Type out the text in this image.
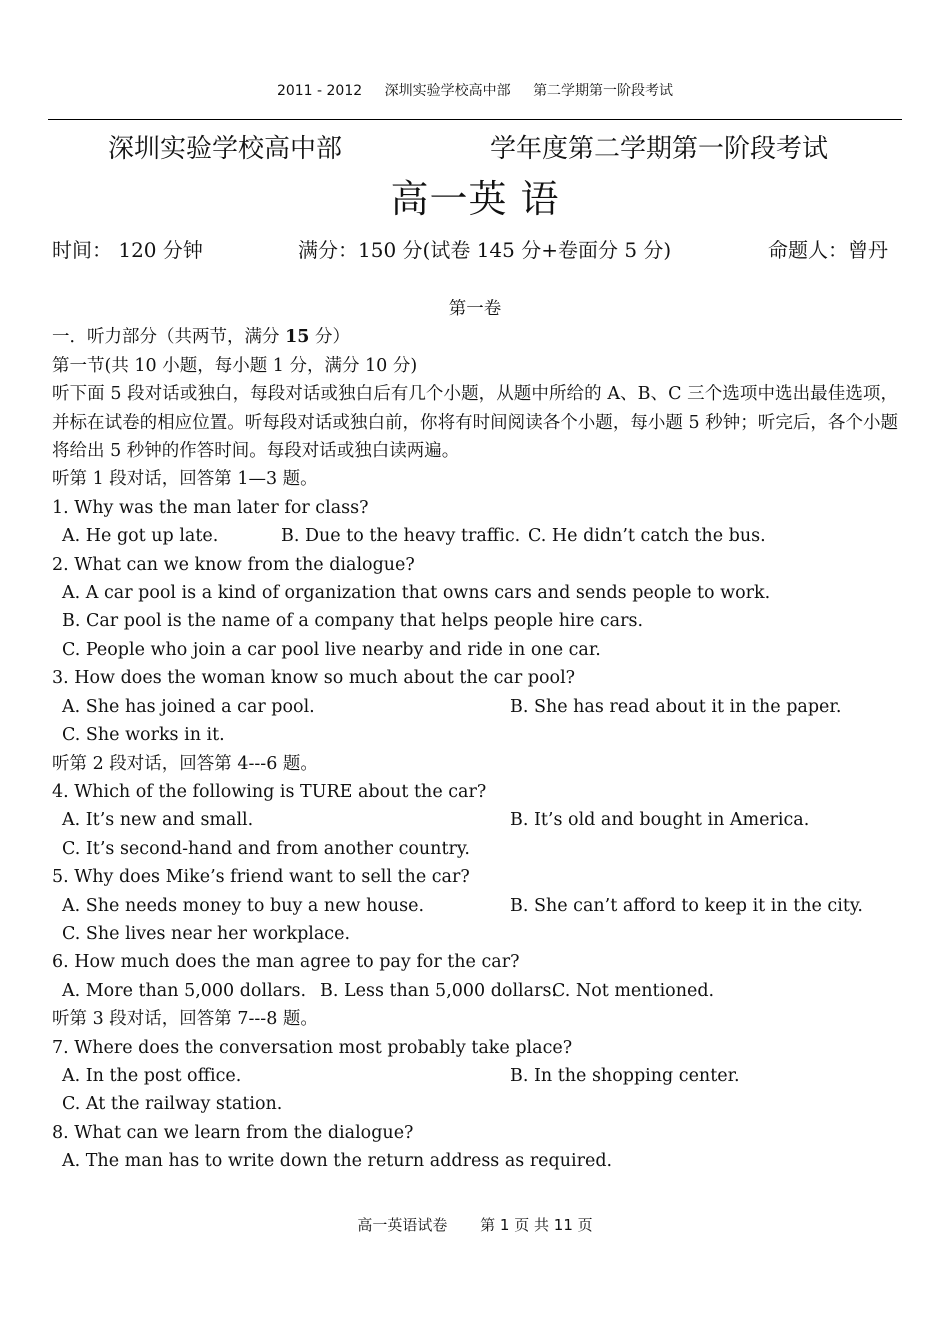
2011 - 2012 深圳实验学校高中部 第二学期第一阶段考试
深圳实验学校高中部	学年度第二学期第一阶段考试
高一英 语
时间： 120 分钟	满分：150 分(试卷 145 分+卷面分 5 分)	命题人：曾丹
第一卷
一．听力部分（共两节，满分 15 分）
第一节(共 10 小题，每小题 1 分，满分 10 分)
听下面 5 段对话或独白，每段对话或独白后有几个小题，从题中所给的 A、B、C 三个选项中选出最佳选项，并标在试卷的相应位置。听每段对话或独白前，你将有时间阅读各个小题，每小题 5 秒钟；听完后，各个小题将给出 5 秒钟的作答时间。每段对话或独白读两遍。
听第 1 段对话，回答第 1—3 题。
1. Why was the man later for class?
A. He got up late.	B. Due to the heavy traffic. C. He didn’t catch the bus.
2. What can we know from the dialogue?
A. A car pool is a kind of organization that owns cars and sends people to work.
B. Car pool is the name of a company that helps people hire cars.
C. People who join a car pool live nearby and ride in one car.
3. How does the woman know so much about the car pool?
A. She has joined a car pool.	B. She has read about it in the paper.
C. She works in it.
听第 2 段对话，回答第 4---6 题。
4. Which of the following is TURE about the car?
A. It’s new and small.	B. It’s old and bought in America.
C. It’s second-hand and from another country.
5. Why does Mike’s friend want to sell the car?
A. She needs money to buy a new house.	B. She can’t afford to keep it in the city.
C. She lives near her workplace.
6. How much does the man agree to pay for the car?
A. More than 5,000 dollars. B. Less than 5,000 dollars.
C. Not mentioned.
听第 3 段对话，回答第 7---8 题。
7. Where does the conversation most probably take place?
A. In the post office.	B. In the shopping center.
C. At the railway station.
8. What can we learn from the dialogue?
A. The man has to write down the return address as required.
高一英语试卷 第 1 页 共 11 页
